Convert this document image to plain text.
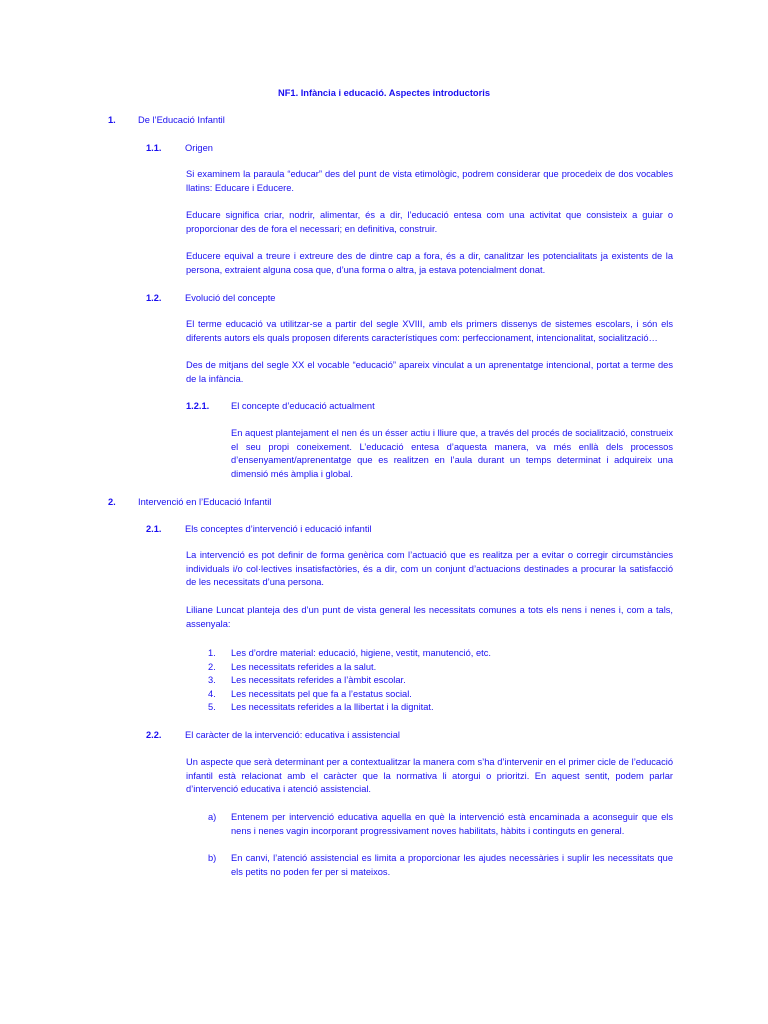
NF1. Infància i educació. Aspectes introductoris
1. De l’Educació Infantil
1.1.	Origen

Si examinem la paraula “educar” des del punt de vista etimològic, podrem considerar que procedeix de dos vocables llatins: Educare i Educere.

Educare significa criar, nodrir, alimentar, és a dir, l’educació entesa com una activitat que consisteix a guiar o proporcionar des de fora el necessari; en definitiva, construir.

Educere equival a treure i extreure des de dintre cap a fora, és a dir, canalitzar les potencialitats ja existents de la persona, extraient alguna cosa que, d’una forma o altra, ja estava potencialment donat.

1.2.	Evolució del concepte

El terme educació va utilitzar-se a partir del segle XVIII, amb els primers dissenys de sistemes escolars, i són els diferents autors els quals proposen diferents característiques com: perfeccionament, intencionalitat, socialització…

Des de mitjans del segle XX el vocable “educació” apareix vinculat a un aprenentatge intencional, portat a terme des de la infància.

1.2.1. El concepte d’educació actualment

En aquest plantejament el nen és un ésser actiu i lliure que, a través del procés de socialització, construeix el seu propi coneixement. L’educació entesa d’aquesta manera, va més enllà dels processos d’ensenyament/aprenentatge que es realitzen en l’aula durant un temps determinat i adquireix una dimensió més àmplia i global.

2. Intervenció en l’Educació Infantil
2.1.	Els conceptes d’intervenció i educació infantil

La intervenció es pot definir de forma genèrica com l’actuació que es realitza per a evitar o corregir circumstàncies individuals i/o col·lectives insatisfactòries, és a dir, com un conjunt d’actuacions destinades a procurar la satisfacció de les necessitats d’una persona.

Liliane Luncat planteja des d’un punt de vista general les necessitats comunes a tots els nens i nenes i, com a tals, assenyala:

1. Les d’ordre material: educació, higiene, vestit, manutenció, etc.
2. Les necessitats referides a la salut.
3. Les necessitats referides a l’àmbit escolar.
4. Les necessitats pel que fa a l’estatus social.
5. Les necessitats referides a la llibertat i la dignitat.
2.2.	El caràcter de la intervenció: educativa i assistencial

Un aspecte que serà determinant per a contextualitzar la manera com s’ha d’intervenir en el primer cicle de l’educació infantil està relacionat amb el caràcter que la normativa li atorgui o prioritzi. En aquest sentit, podem parlar d’intervenció educativa i atenció assistencial.

a) Entenem per intervenció educativa aquella en què la intervenció està encaminada a aconseguir que els nens i nenes vagin incorporant progressivament noves habilitats, hàbits i continguts en general.
b) En canvi, l’atenció assistencial es limita a proporcionar les ajudes necessàries i suplir les necessitats que els petits no poden fer per si mateixos.
